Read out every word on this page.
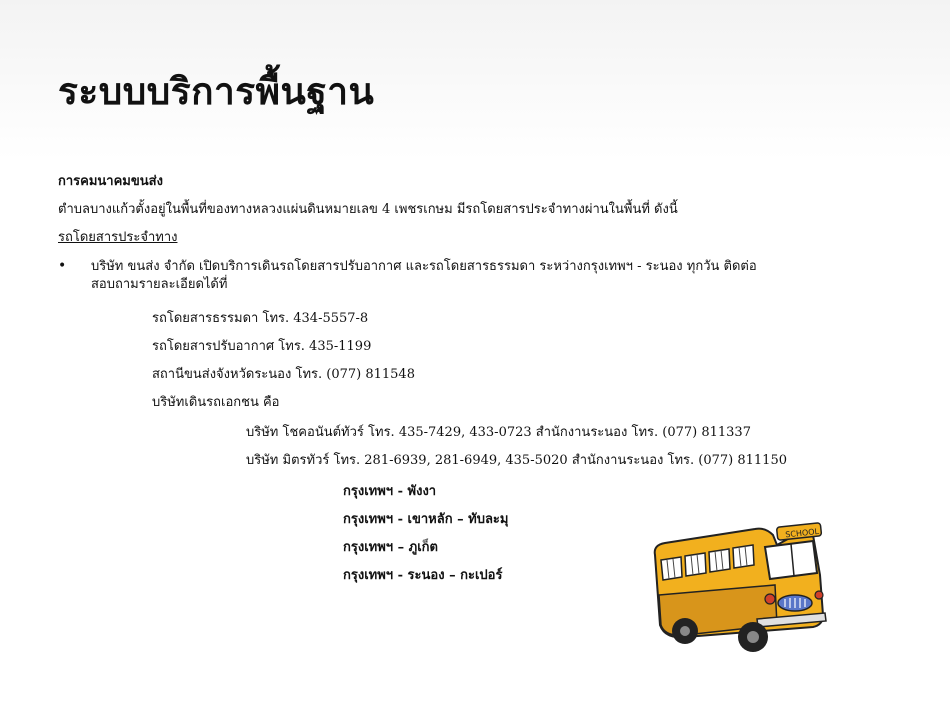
ระบบบริการพื้นฐาน
การคมนาคมขนส่ง
ตำบลบางแก้วตั้งอยู่ในพื้นที่ของทางหลวงแผ่นดินหมายเลข 4 เพชรเกษม มีรถโดยสารประจำทางผ่านในพื้นที่ ดังนี้
รถโดยสารประจำทาง
• บริษัท ขนส่ง จำกัด เปิดบริการเดินรถโดยสารปรับอากาศ และรถโดยสารธรรมดา ระหว่างกรุงเทพฯ - ระนอง ทุกวัน ติดต่อ
สอบถามรายละเอียดได้ที่
รถโดยสารธรรมดา โทร. 434-5557-8
รถโดยสารปรับอากาศ โทร. 435-1199
สถานีขนส่งจังหวัดระนอง โทร. (077) 811548
บริษัทเดินรถเอกชน คือ
บริษัท โชคอนันต์ทัวร์ โทร. 435-7429, 433-0723 สำนักงานระนอง โทร. (077) 811337
บริษัท มิตรทัวร์ โทร. 281-6939, 281-6949, 435-5020 สำนักงานระนอง โทร. (077) 811150
กรุงเทพฯ - พังงา
กรุงเทพฯ - เขาหลัก – ทับละมุ
กรุงเทพฯ – ภูเก็ต
กรุงเทพฯ - ระนอง – กะเปอร์
SCHOOL
